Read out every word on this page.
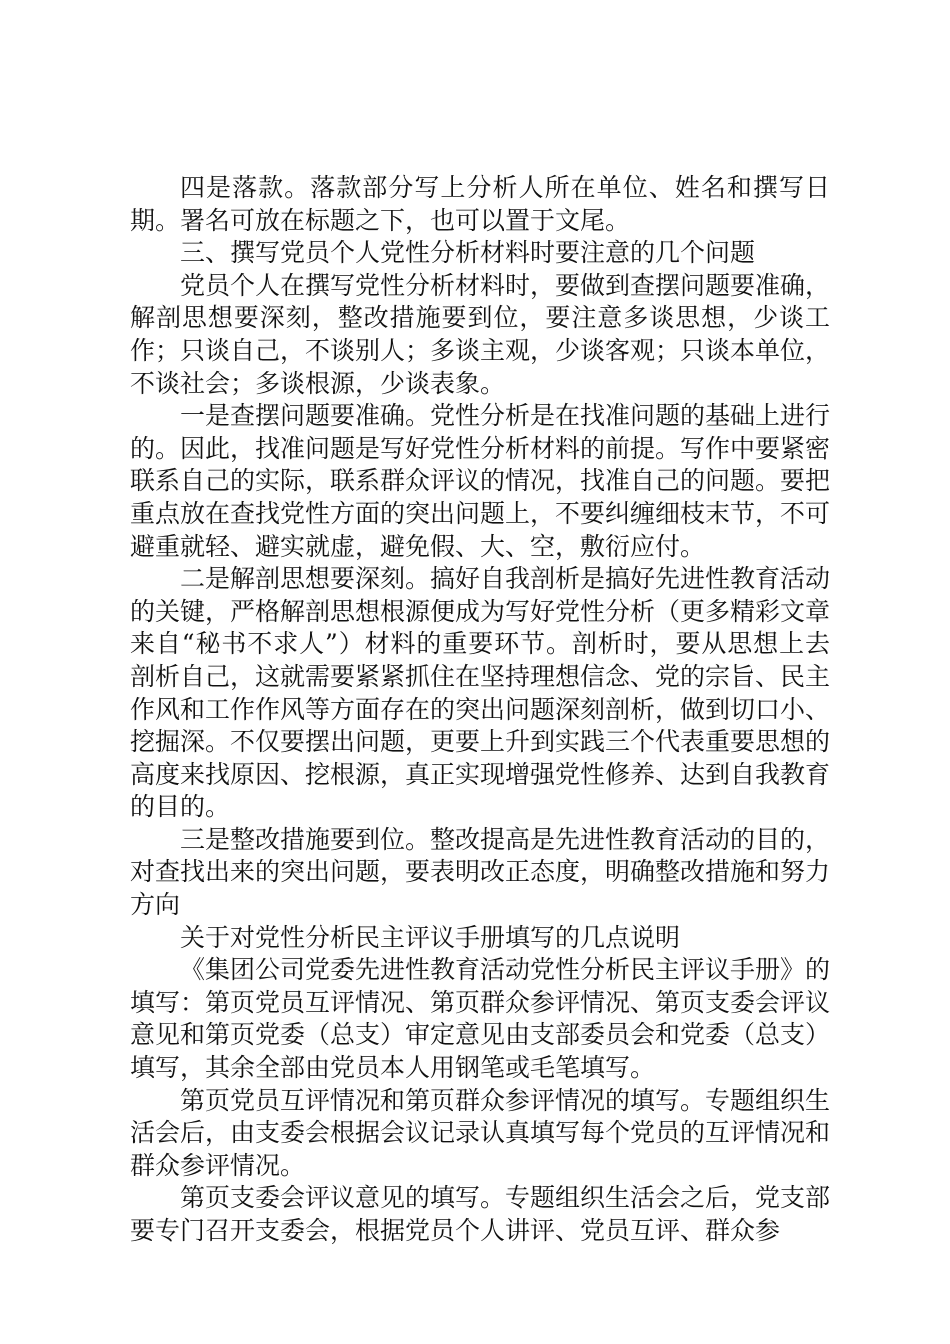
四是落款。落款部分写上分析人所在单位、姓名和撰写日期。署名可放在标题之下，也可以置于文尾。

三、撰写党员个人党性分析材料时要注意的几个问题

党员个人在撰写党性分析材料时，要做到查摆问题要准确，解剖思想要深刻，整改措施要到位，要注意多谈思想，少谈工作；只谈自己，不谈别人；多谈主观，少谈客观；只谈本单位，不谈社会；多谈根源，少谈表象。

一是查摆问题要准确。党性分析是在找准问题的基础上进行的。因此，找准问题是写好党性分析材料的前提。写作中要紧密联系自己的实际，联系群众评议的情况，找准自己的问题。要把重点放在查找党性方面的突出问题上，不要纠缠细枝末节，不可避重就轻、避实就虚，避免假、大、空，敷衍应付。

二是解剖思想要深刻。搞好自我剖析是搞好先进性教育活动的关键，严格解剖思想根源便成为写好党性分析（更多精彩文章来自“秘书不求人”）材料的重要环节。剖析时，要从思想上去剖析自己，这就需要紧紧抓住在坚持理想信念、党的宗旨、民主作风和工作作风等方面存在的突出问题深刻剖析，做到切口小、挖掘深。不仅要摆出问题，更要上升到实践三个代表重要思想的高度来找原因、挖根源，真正实现增强党性修养、达到自我教育的目的。

三是整改措施要到位。整改提高是先进性教育活动的目的，对查找出来的突出问题，要表明改正态度，明确整改措施和努力方向

关于对党性分析民主评议手册填写的几点说明

《集团公司党委先进性教育活动党性分析民主评议手册》的填写：第页党员互评情况、第页群众参评情况、第页支委会评议意见和第页党委（总支）审定意见由支部委员会和党委（总支）填写，其余全部由党员本人用钢笔或毛笔填写。

第页党员互评情况和第页群众参评情况的填写。专题组织生活会后，由支委会根据会议记录认真填写每个党员的互评情况和群众参评情况。

第页支委会评议意见的填写。专题组织生活会之后，党支部要专门召开支委会，根据党员个人讲评、党员互评、群众参
